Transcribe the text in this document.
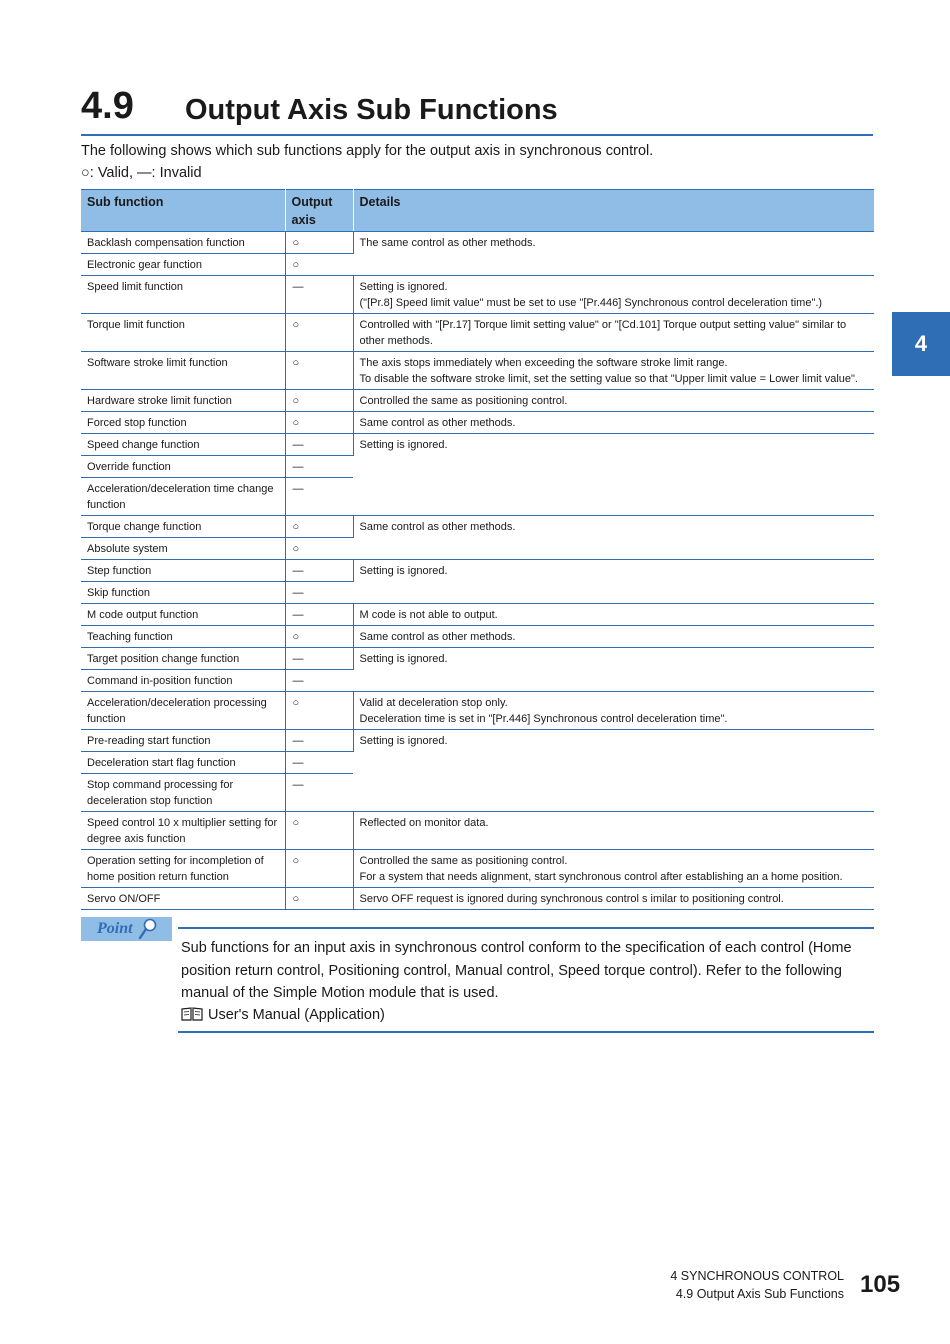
4.9 Output Axis Sub Functions
The following shows which sub functions apply for the output axis in synchronous control.
○: Valid, —: Invalid
Sub function	Output axis	Details
Backlash compensation function	○	The same control as other methods.

Electronic gear function	○	
Speed limit function	—	Setting is ignored.
("[Pr.8] Speed limit value" must be set to use "[Pr.446] Synchronous control deceleration time".)

Torque limit function	○	Controlled with "[Pr.17] Torque limit setting value" or "[Cd.101] Torque output setting value" similar to other methods.

Software stroke limit function	○	The axis stops immediately when exceeding the software stroke limit range.
To disable the software stroke limit, set the setting value so that "Upper limit value = Lower limit value".

Hardware stroke limit function	○	Controlled the same as positioning control.

Forced stop function	○	Same control as other methods.

Speed change function	—	Setting is ignored.

Override function	—	
Acceleration/deceleration time change function	—	
Torque change function	○	Same control as other methods.

Absolute system	○	
Step function	—	Setting is ignored.

Skip function	—	
M code output function	—	M code is not able to output.

Teaching function	○	Same control as other methods.

Target position change function	—	Setting is ignored.

Command in-position function	—	
Acceleration/deceleration processing function	○	Valid at deceleration stop only.
Deceleration time is set in "[Pr.446] Synchronous control deceleration time".

Pre-reading start function	—	Setting is ignored.

Deceleration start flag function	—	
Stop command processing for deceleration stop function	—	
Speed control 10 x multiplier setting for degree axis function	○	Reflected on monitor data.

Operation setting for incompletion of home position return function	○	Controlled the same as positioning control.
For a system that needs alignment, start synchronous control after establishing an a home position.

Servo ON/OFF	○	Servo OFF request is ignored during synchronous control s imilar to positioning control.
4
Point
Sub functions for an input axis in synchronous control conform to the specification of each control (Home position return control, Positioning control, Manual control, Speed torque control). Refer to the following manual of the Simple Motion module that is used.
User's Manual (Application)
4 SYNCHRONOUS CONTROL
4.9 Output Axis Sub Functions 105
